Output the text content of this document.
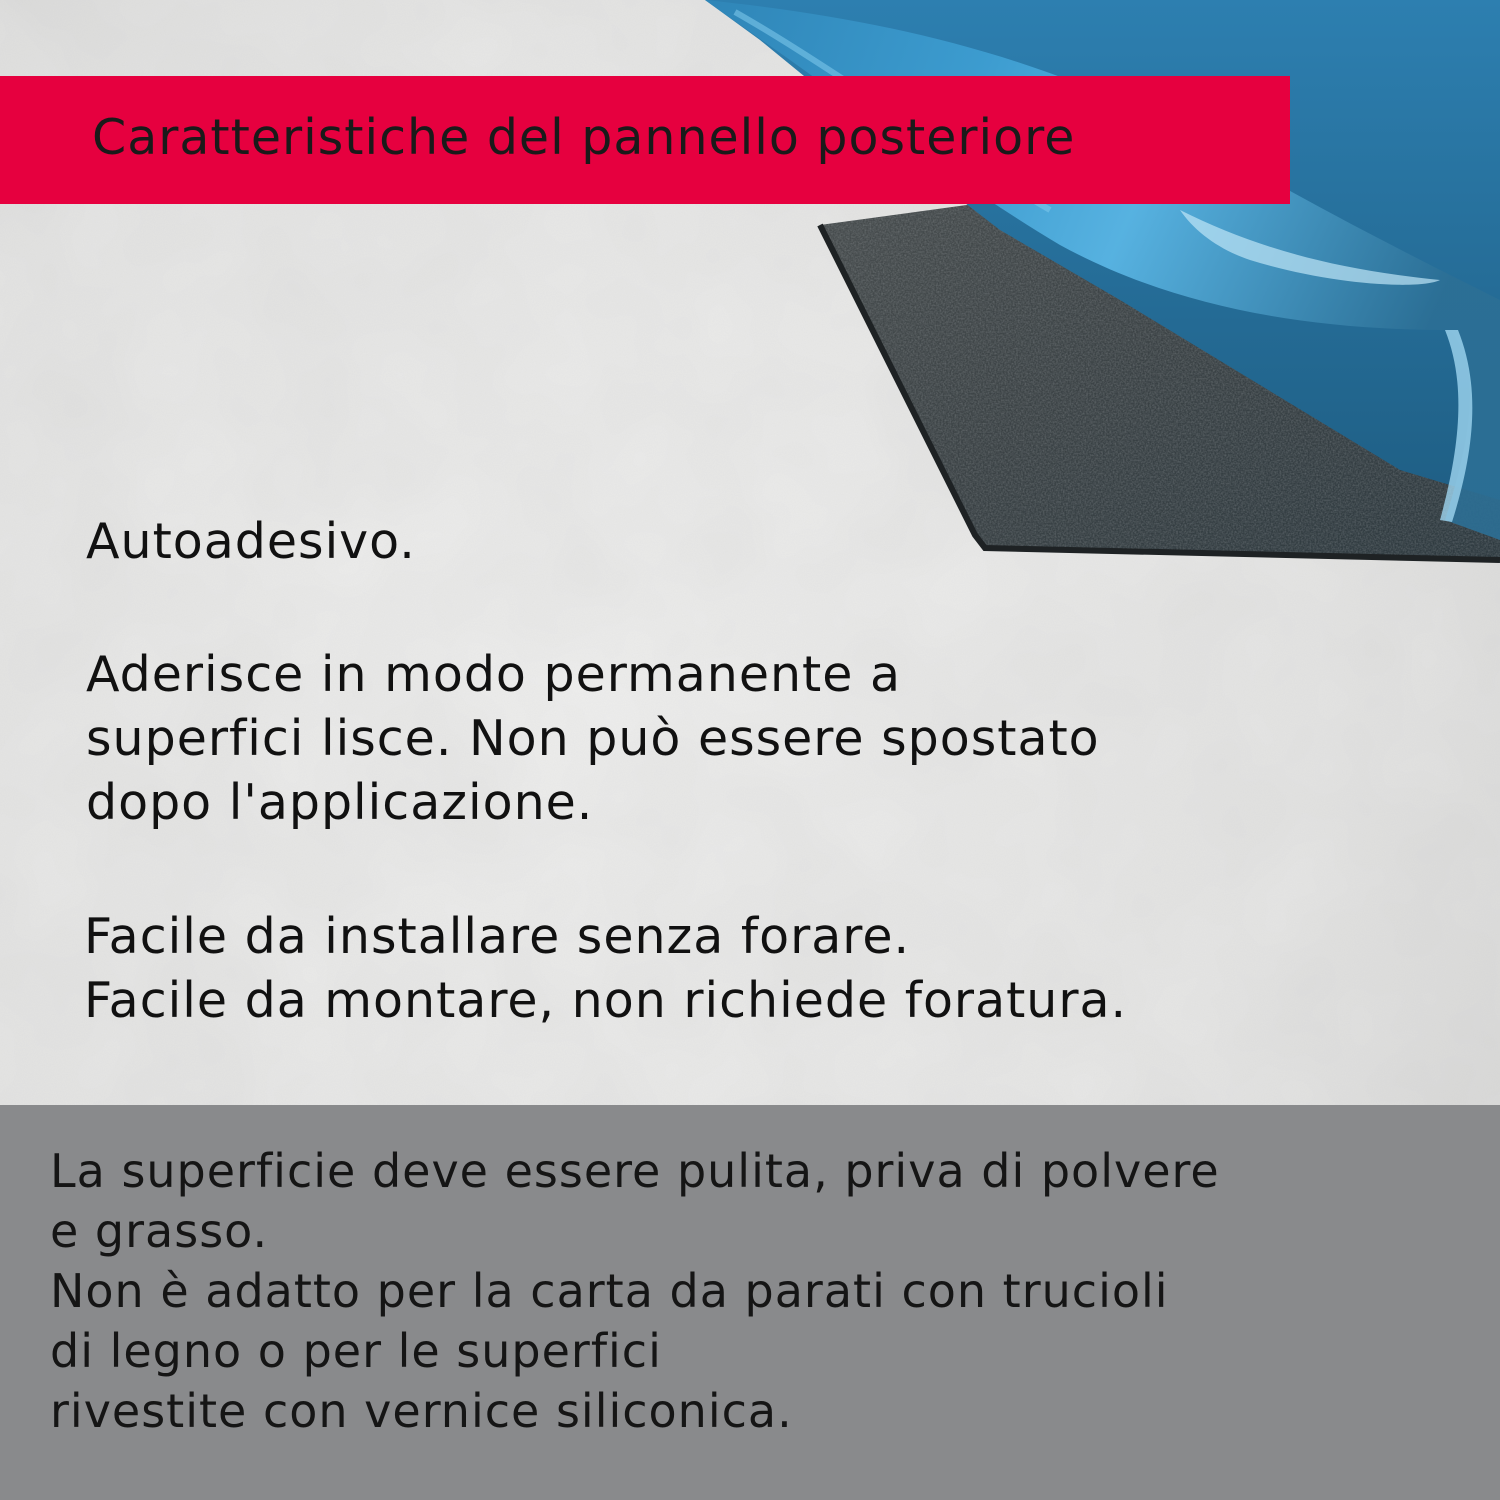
Caratteristiche del pannello posteriore

Autoadesivo.

Aderisce in modo permanente a
superfici lisce. Non può essere spostato
dopo l'applicazione.

Facile da installare senza forare.
Facile da montare, non richiede foratura.

La superficie deve essere pulita, priva di polvere
e grasso.
Non è adatto per la carta da parati con trucioli
di legno o per le superfici
rivestite con vernice siliconica.
